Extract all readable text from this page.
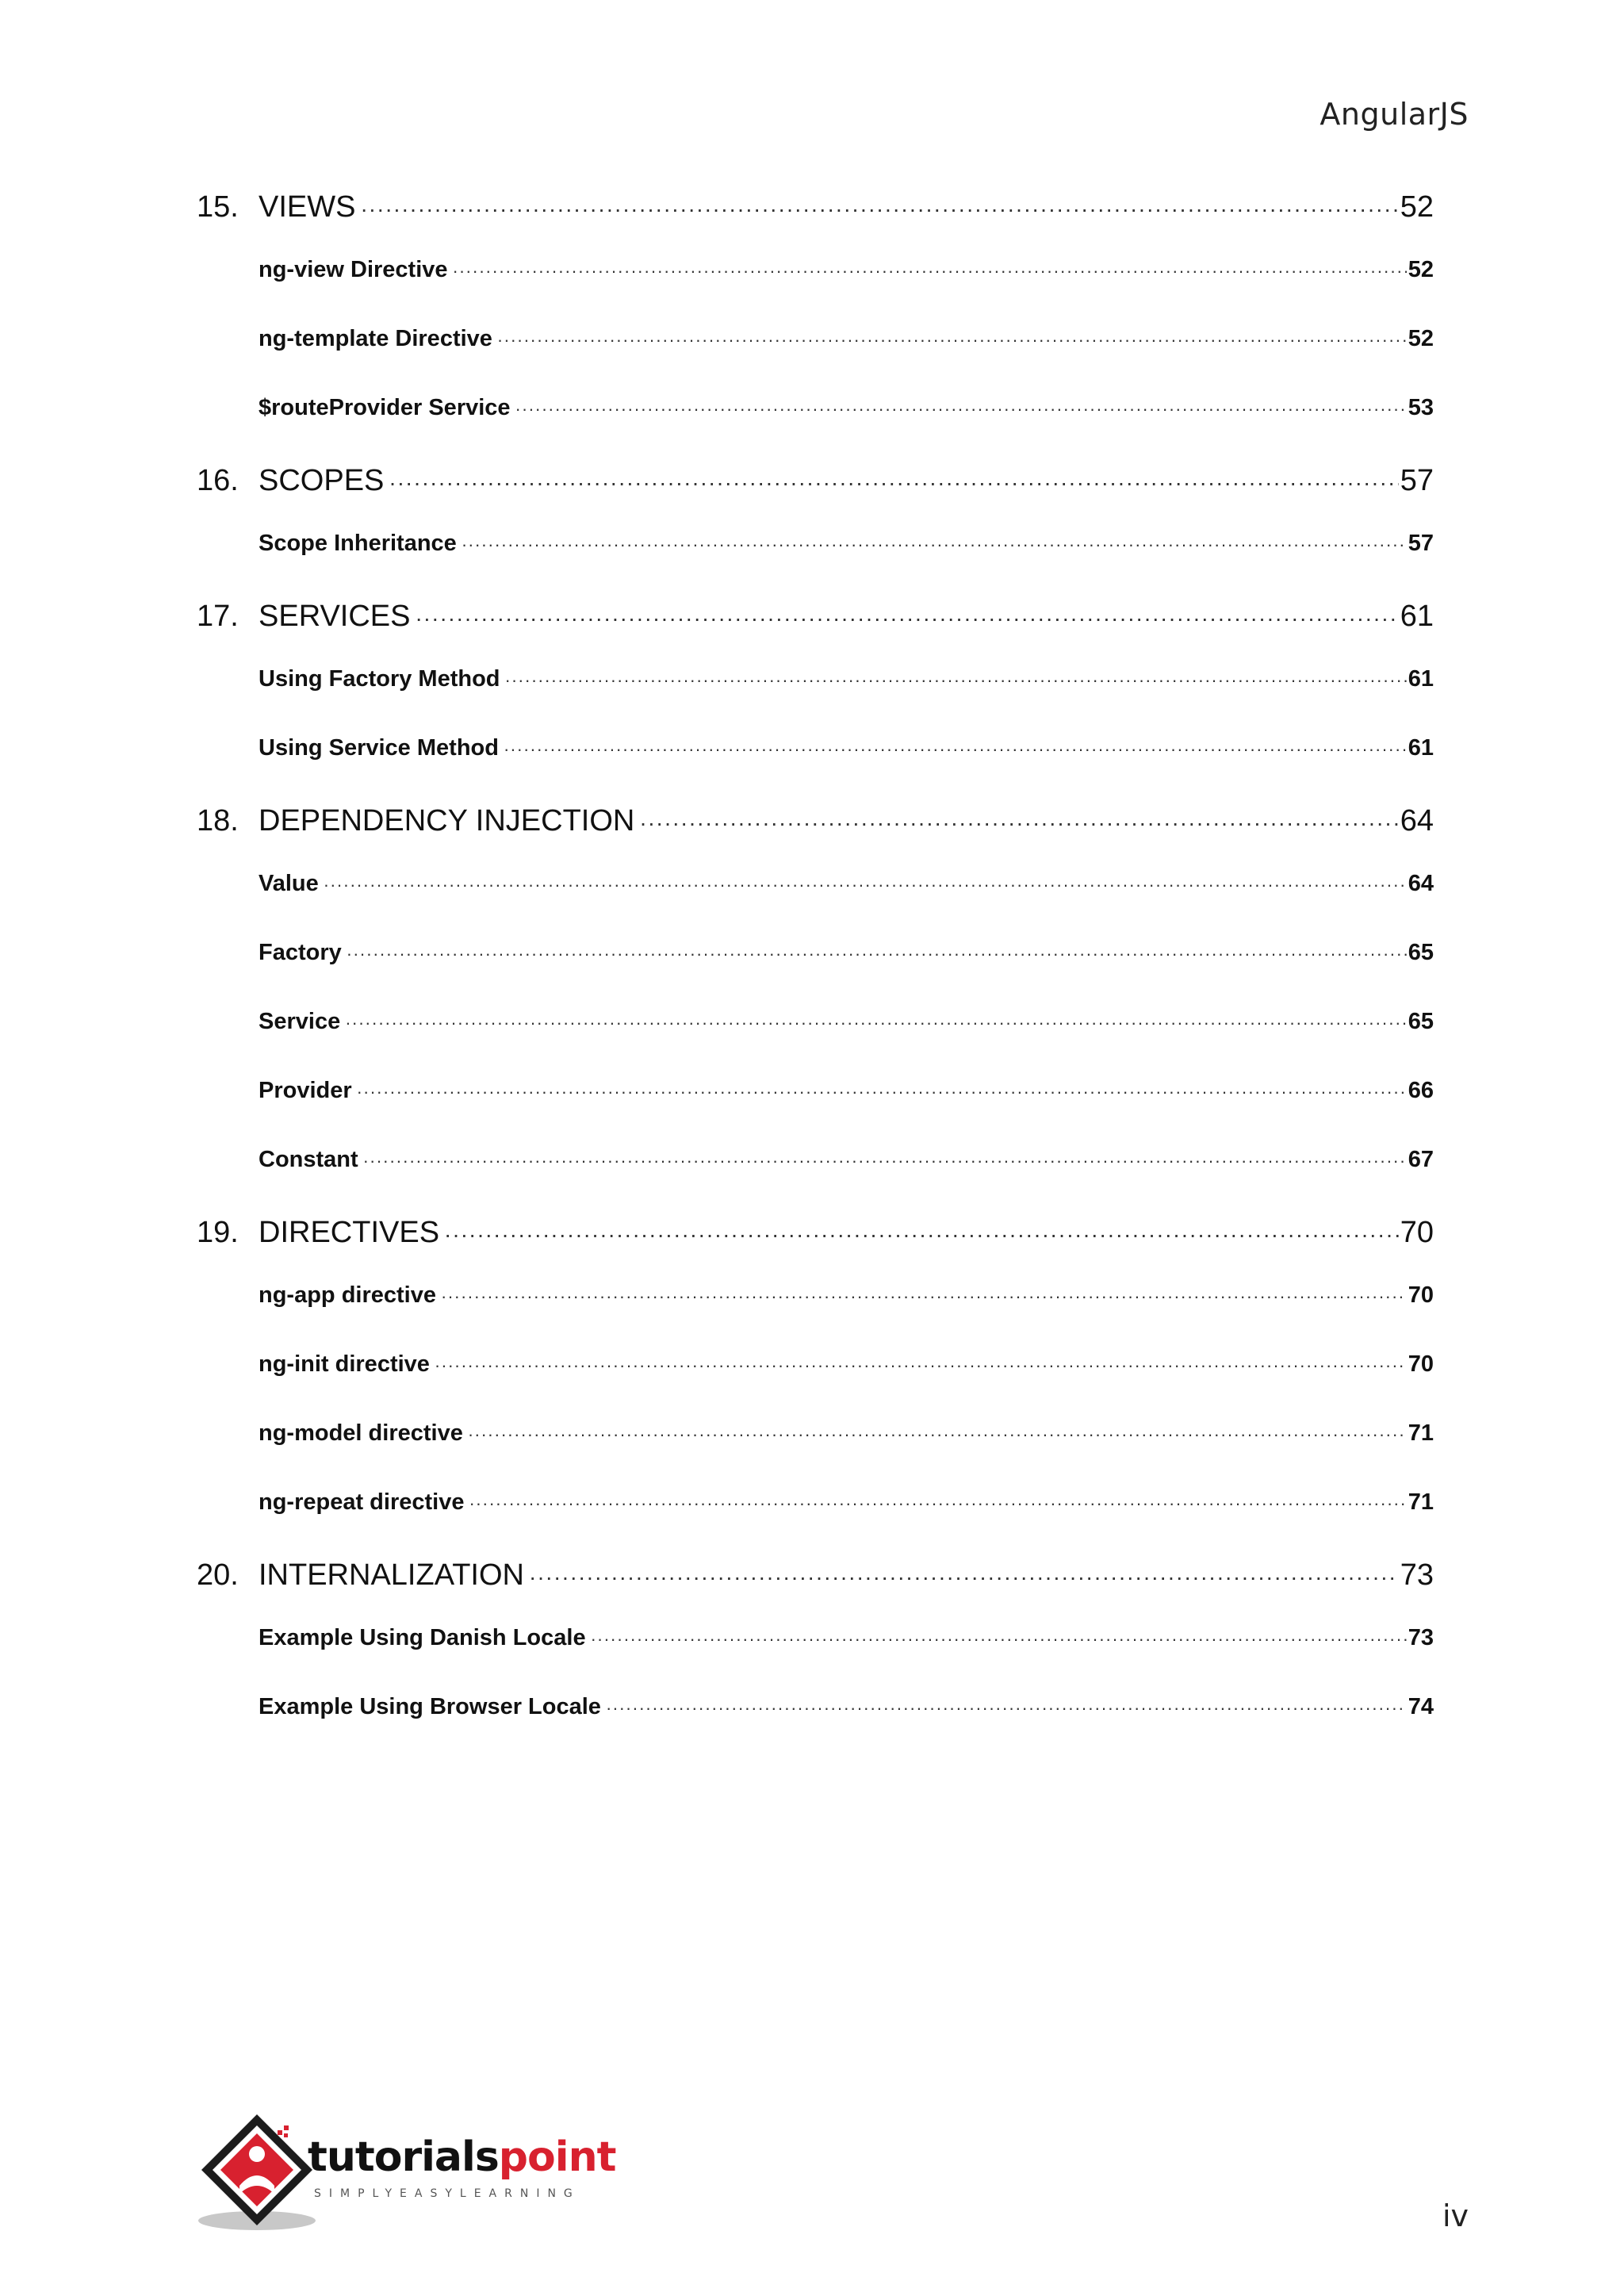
AngularJS
15. VIEWS ·····	52
ng-view Directive ·····	52
ng-template Directive ·····	52
$routeProvider Service ·····	53
16. SCOPES ·····	57
Scope Inheritance ·····	57
17. SERVICES ·····	61
Using Factory Method ·····	61
Using Service Method ·····	61
18. DEPENDENCY INJECTION ·····	64
Value ·····	64
Factory ·····	65
Service ·····	65
Provider ·····	66
Constant ·····	67
19. DIRECTIVES ·····	70
ng-app directive ·····	70
ng-init directive ·····	70
ng-model directive ·····	71
ng-repeat directive ·····	71
20. INTERNALIZATION ·····	73
Example Using Danish Locale ·····	73
Example Using Browser Locale ·····	74
tutorialspoint
SIMPLYEASYLEARNING
iv
